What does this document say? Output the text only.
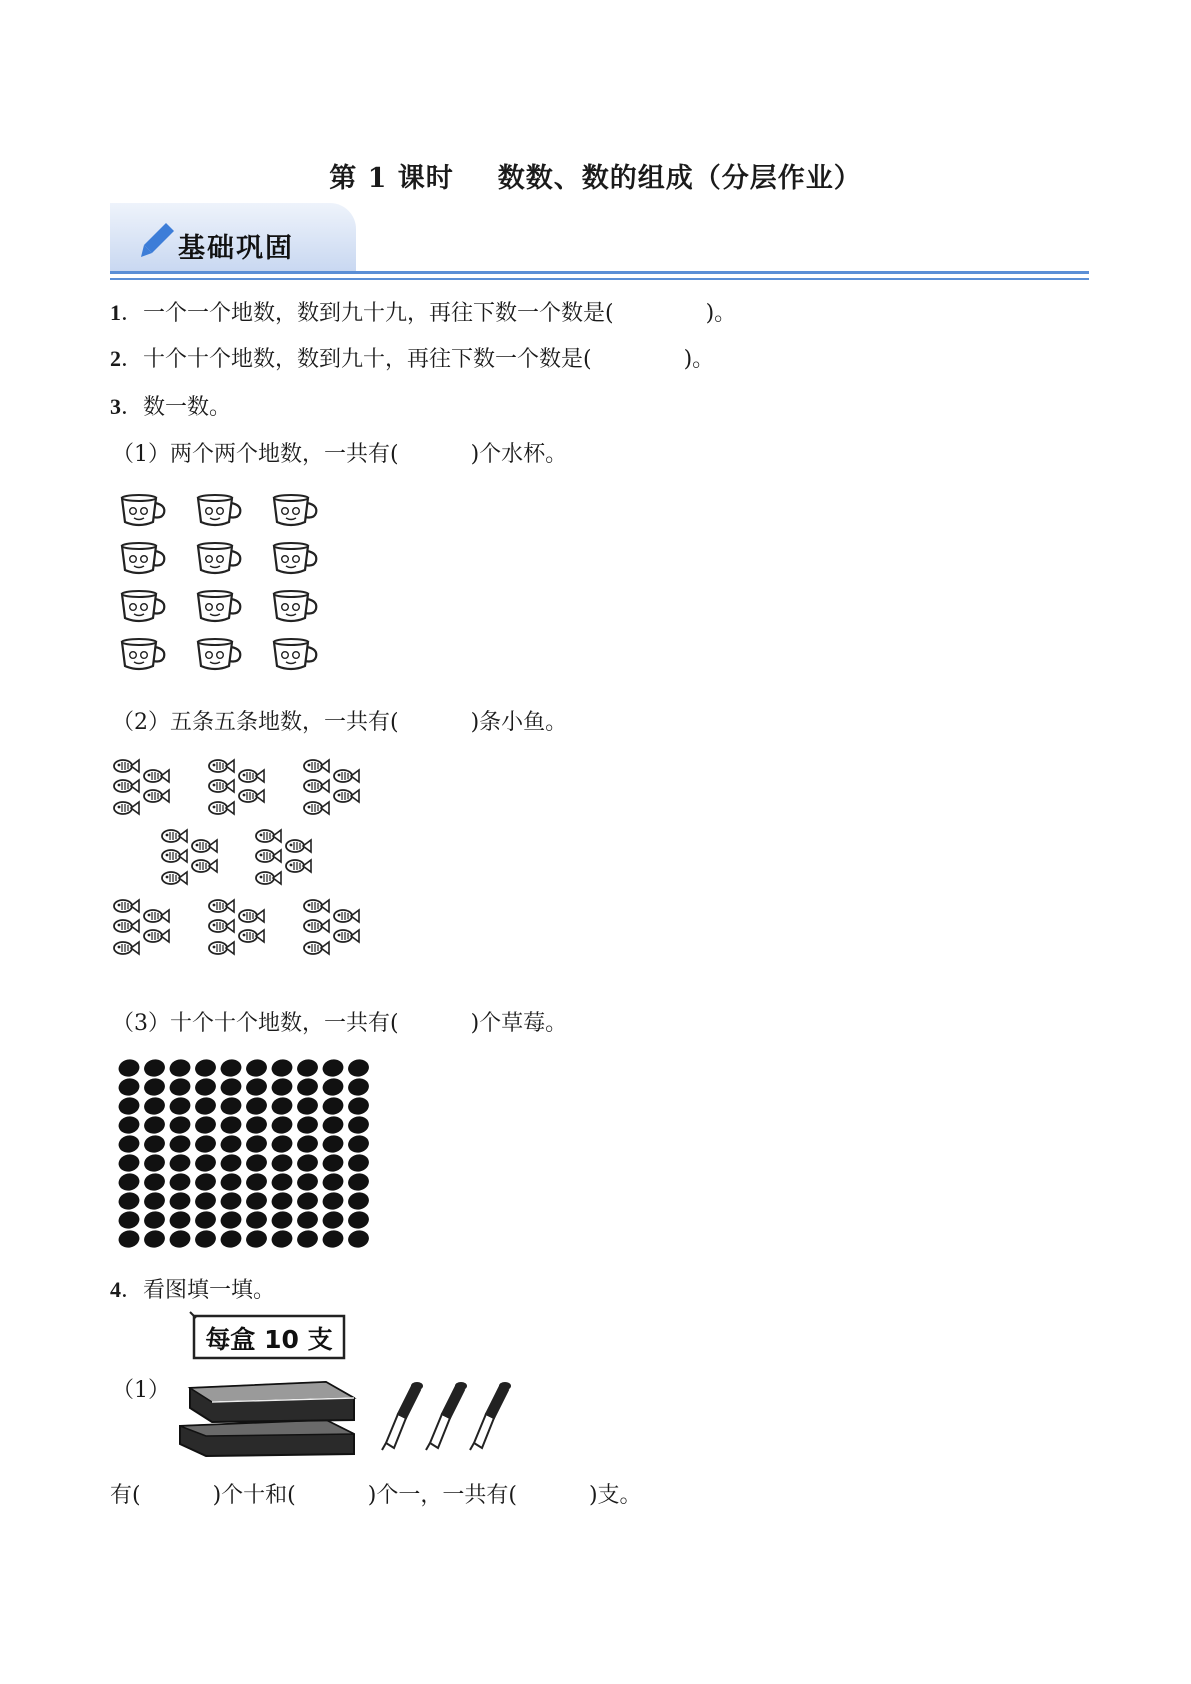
第 1 课时 数数、数的组成（分层作业）
基础巩固
1．一个一个地数，数到九十九，再往下数一个数是(	)。
2．十个十个地数，数到九十，再往下数一个数是(	)。
3．数一数。
（1）两个两个地数，一共有(	)个水杯。
（2）五条五条地数，一共有(	)条小鱼。
（3）十个十个地数，一共有(	)个草莓。
4．看图填一填。
（1）
每盒 10 支
有(	)个十和(	)个一，一共有(	)支。
